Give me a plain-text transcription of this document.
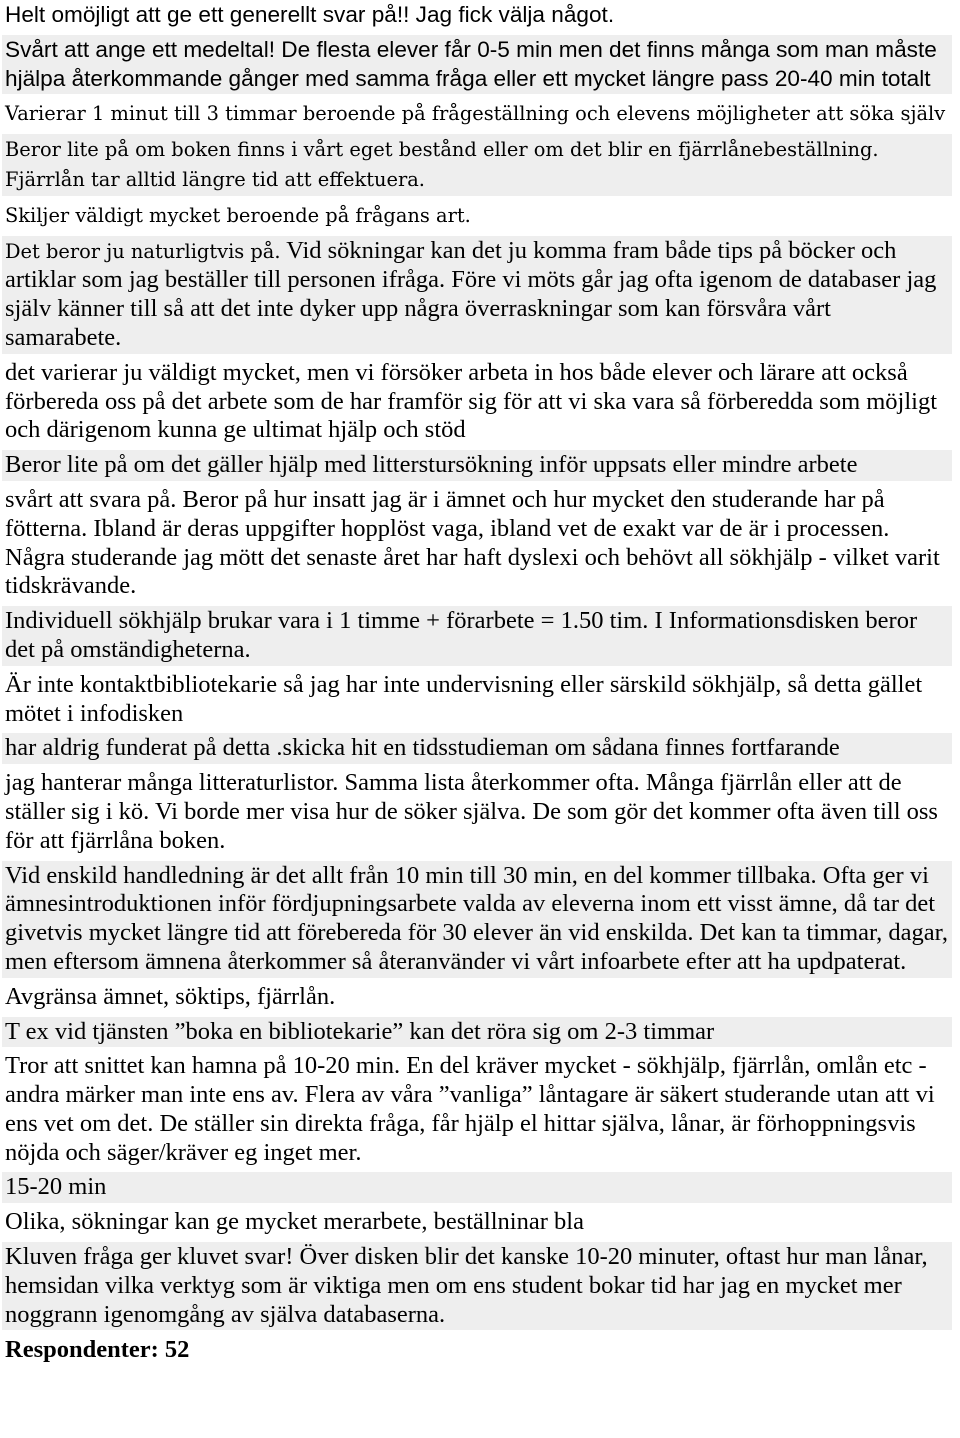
Helt omöjligt att ge ett generellt svar på!! Jag fick välja något.
Svårt att ange ett medeltal! De flesta elever får 0-5 min men det finns många som man måste hjälpa återkommande gånger med samma fråga eller ett mycket längre pass 20-40 min totalt
Varierar 1 minut till 3 timmar beroende på frågeställning och elevens möjligheter att söka själv
Beror lite på om boken finns i vårt eget bestånd eller om det blir en fjärrlånebeställning. Fjärrlån tar alltid längre tid att effektuera.
Skiljer väldigt mycket beroende på frågans art.
Det beror ju naturligtvis på. Vid sökningar kan det ju komma fram både tips på böcker och artiklar som jag beställer till personen ifråga. Före vi möts går jag ofta igenom de databaser jag själv känner till så att det inte dyker upp några överraskningar som kan försvåra vårt samarabete.
det varierar ju väldigt mycket, men vi försöker arbeta in hos både elever och lärare att också förbereda oss på det arbete som de har framför sig för att vi ska vara så förberedda som möjligt och därigenom kunna ge ultimat hjälp och stöd
Beror lite på om det gäller hjälp med litterstursökning inför uppsats eller mindre arbete
svårt att svara på. Beror på hur insatt jag är i ämnet och hur mycket den studerande har på fötterna. Ibland är deras uppgifter hopplöst vaga, ibland vet de exakt var de är i processen. Några studerande jag mött det senaste året har haft dyslexi och behövt all sökhjälp - vilket varit tidskrävande.
Individuell sökhjälp brukar vara i 1 timme + förarbete = 1.50 tim. I Informationsdisken beror det på omständigheterna.
Är inte kontaktbibliotekarie så jag har inte undervisning eller särskild sökhjälp, så detta gället mötet i infodisken
har aldrig funderat på detta .skicka hit en tidsstudieman om sådana finnes fortfarande
jag hanterar många litteraturlistor. Samma lista återkommer ofta. Många fjärrlån eller att de ställer sig i kö. Vi borde mer visa hur de söker själva. De som gör det kommer ofta även till oss för att fjärrlåna boken.
Vid enskild handledning är det allt från 10 min till 30 min, en del kommer tillbaka. Ofta ger vi ämnesintroduktionen inför fördjupningsarbete valda av eleverna inom ett visst ämne, då tar det givetvis mycket längre tid att förebereda för 30 elever än vid enskilda. Det kan ta timmar, dagar, men eftersom ämnena återkommer så återanvänder vi vårt infoarbete efter att ha updpaterat.
Avgränsa ämnet, söktips, fjärrlån.
T ex vid tjänsten ”boka en bibliotekarie” kan det röra sig om 2-3 timmar
Tror att snittet kan hamna på 10-20 min. En del kräver mycket - sökhjälp, fjärrlån, omlån etc - andra märker man inte ens av. Flera av våra ”vanliga” låntagare är säkert studerande utan att vi ens vet om det. De ställer sin direkta fråga, får hjälp el hittar själva, lånar, är förhoppningsvis nöjda och säger/kräver eg inget mer.
15-20 min
Olika, sökningar kan ge mycket merarbete, beställninar bla
Kluven fråga ger kluvet svar! Över disken blir det kanske 10-20 minuter, oftast hur man lånar, hemsidan vilka verktyg som är viktiga men om ens student bokar tid har jag en mycket mer noggrann igenomgång av själva databaserna.
Respondenter: 52
